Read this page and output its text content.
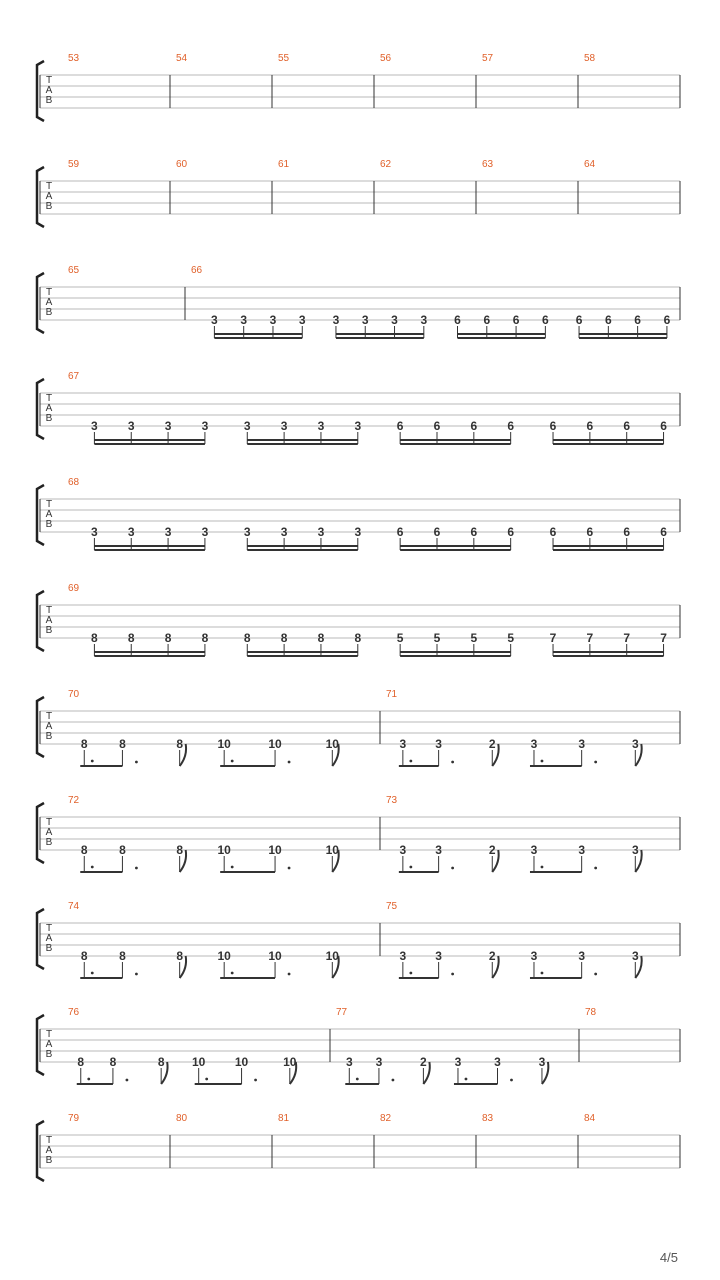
T
A
B
53	54	55	56	57	58
T
A
B
59	60	61	62	63	64
T
A
B
65	66
3 3 3 3 3 3 3 3 6 6 6 6 6 6 6 6
T
A
B
67
3	3	3	3	3	3	3	3	6	6	6	6	6	6	6	6
T
A
B
68
3	3	3	3	3	3	3	3	6	6	6	6	6	6	6	6
T
A
B
69
8	8	8	8	8	8	8	8	5	5	5	5	7	7	7	7
T
A
B
70
8	8	8	10	10	10
71
3 3	2	3	3	3
T
A
B
72
8	8	8	10	10	10
73
3 3	2	3	3	3
T
A
B
74
8	8	8	10	10	10
75
3 3	2	3	3	3
T
A
B
76
8 8	8 10 10	10
77
3 3	2 3	3	3
78
T
A
B
79	80	81	82	83	84
4/5
